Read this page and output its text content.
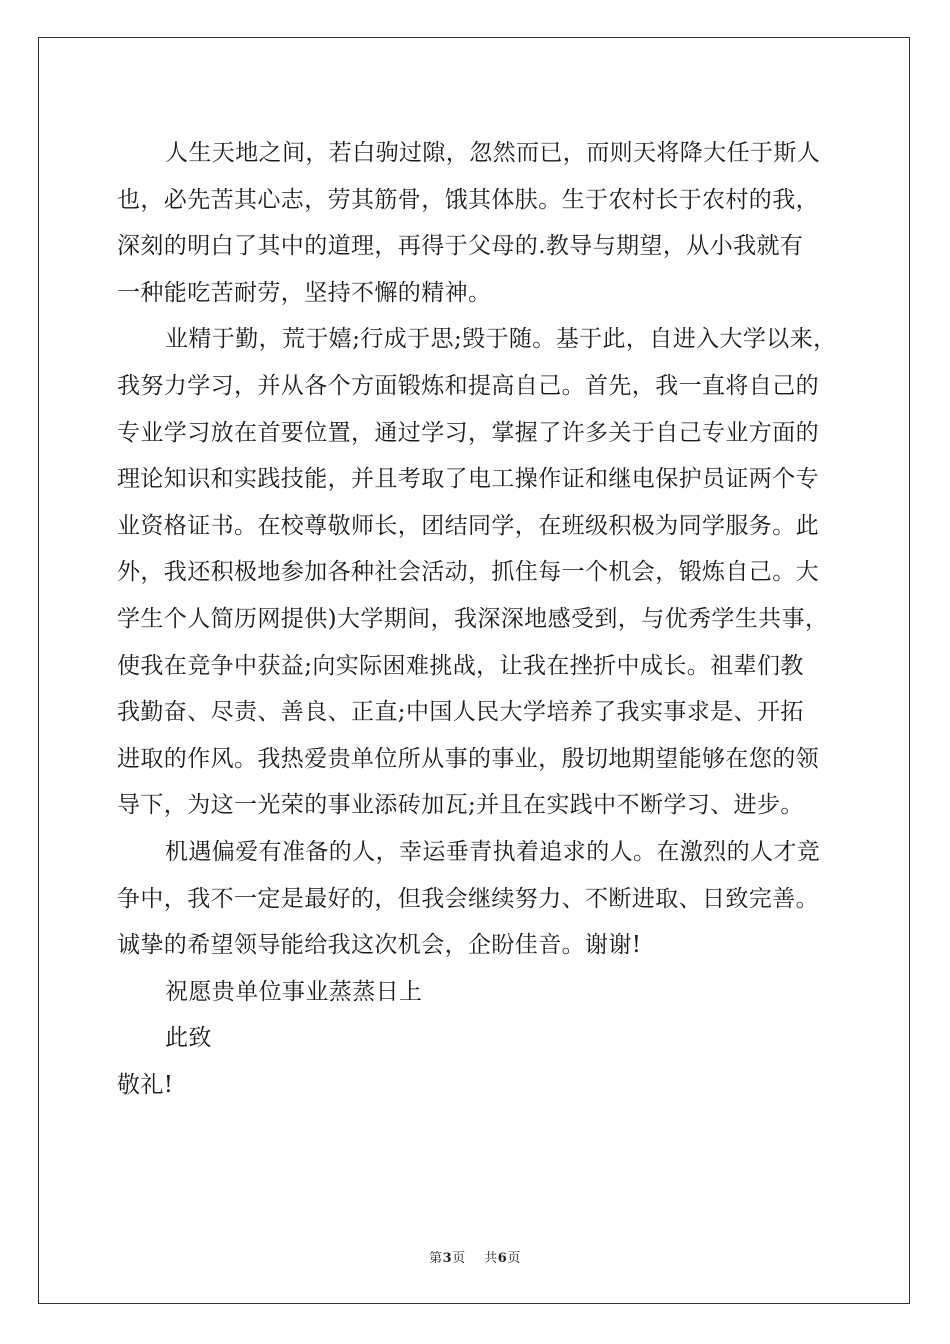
人生天地之间，若白驹过隙，忽然而已，而则天将降大任于斯人
也，必先苦其心志，劳其筋骨，饿其体肤。生于农村长于农村的我，
深刻的明白了其中的道理，再得于父母的.教导与期望，从小我就有
一种能吃苦耐劳，坚持不懈的精神。

业精于勤，荒于嬉;行成于思;毁于随。基于此，自进入大学以来，
我努力学习，并从各个方面锻炼和提高自己。首先，我一直将自己的
专业学习放在首要位置，通过学习，掌握了许多关于自己专业方面的
理论知识和实践技能，并且考取了电工操作证和继电保护员证两个专
业资格证书。在校尊敬师长，团结同学，在班级积极为同学服务。此
外，我还积极地参加各种社会活动，抓住每一个机会，锻炼自己。大
学生个人简历网提供)大学期间，我深深地感受到，与优秀学生共事，
使我在竞争中获益;向实际困难挑战，让我在挫折中成长。祖辈们教
我勤奋、尽责、善良、正直;中国人民大学培养了我实事求是、开拓
进取的作风。我热爱贵单位所从事的事业，殷切地期望能够在您的领
导下，为这一光荣的事业添砖加瓦;并且在实践中不断学习、进步。

机遇偏爱有准备的人，幸运垂青执着追求的人。在激烈的人才竞
争中，我不一定是最好的，但我会继续努力、不断进取、日致完善。
诚挚的希望领导能给我这次机会，企盼佳音。谢谢!

祝愿贵单位事业蒸蒸日上

此致

敬礼!

第3页 共6页
